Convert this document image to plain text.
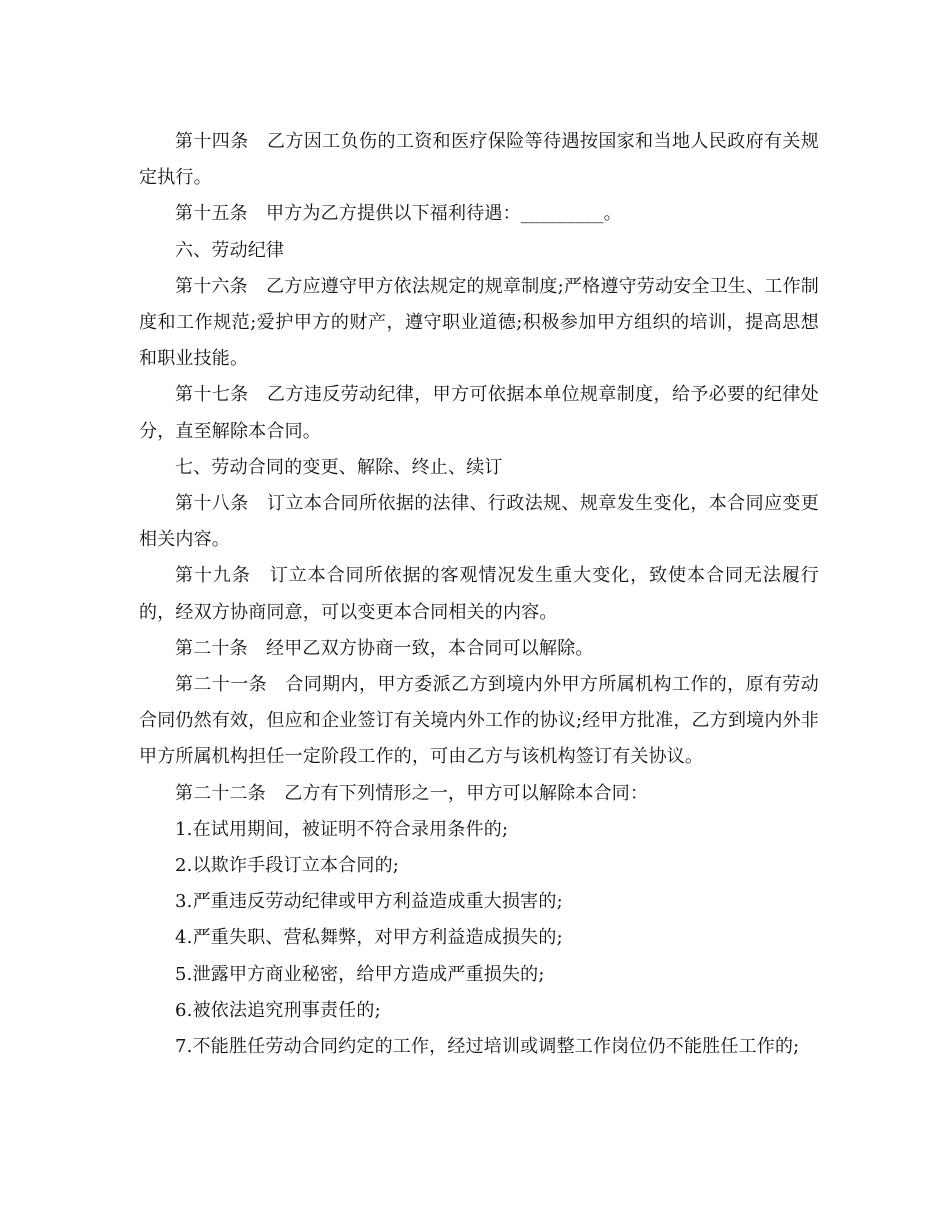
第十四条　乙方因工负伤的工资和医疗保险等待遇按国家和当地人民政府有关规定执行。

第十五条　甲方为乙方提供以下福利待遇：_________。

六、劳动纪律

第十六条　乙方应遵守甲方依法规定的规章制度;严格遵守劳动安全卫生、工作制度和工作规范;爱护甲方的财产，遵守职业道德;积极参加甲方组织的培训，提高思想和职业技能。

第十七条　乙方违反劳动纪律，甲方可依据本单位规章制度，给予必要的纪律处分，直至解除本合同。

七、劳动合同的变更、解除、终止、续订

第十八条　订立本合同所依据的法律、行政法规、规章发生变化，本合同应变更相关内容。

第十九条　订立本合同所依据的客观情况发生重大变化，致使本合同无法履行的，经双方协商同意，可以变更本合同相关的内容。

第二十条　经甲乙双方协商一致，本合同可以解除。

第二十一条　合同期内，甲方委派乙方到境内外甲方所属机构工作的，原有劳动合同仍然有效，但应和企业签订有关境内外工作的协议;经甲方批准，乙方到境内外非甲方所属机构担任一定阶段工作的，可由乙方与该机构签订有关协议。

第二十二条　乙方有下列情形之一，甲方可以解除本合同：

1.在试用期间，被证明不符合录用条件的;

2.以欺诈手段订立本合同的;

3.严重违反劳动纪律或甲方利益造成重大损害的;

4.严重失职、营私舞弊，对甲方利益造成损失的;

5.泄露甲方商业秘密，给甲方造成严重损失的;

6.被依法追究刑事责任的;

7.不能胜任劳动合同约定的工作，经过培训或调整工作岗位仍不能胜任工作的;
